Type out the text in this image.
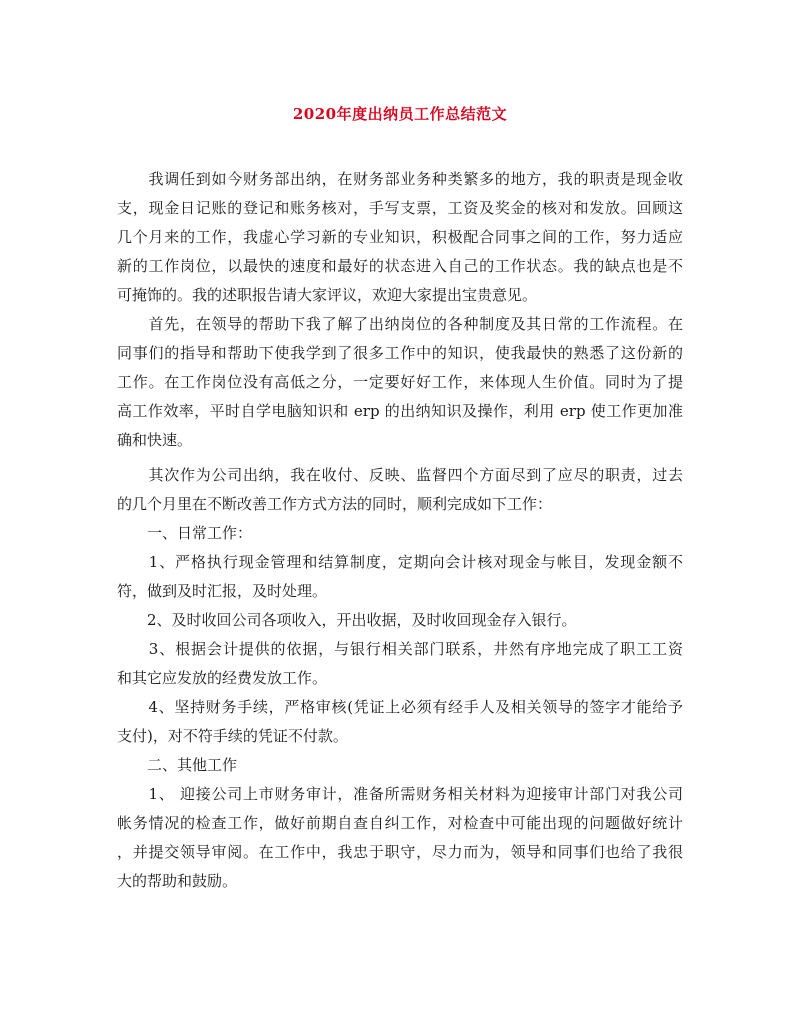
2020年度出纳员工作总结范文
　　我调任到如今财务部出纳，在财务部业务种类繁多的地方，我的职责是现金收
支，现金日记账的登记和账务核对，手写支票，工资及奖金的核对和发放。回顾这
几个月来的工作，我虚心学习新的专业知识，积极配合同事之间的工作，努力适应
新的工作岗位，以最快的速度和最好的状态进入自己的工作状态。我的缺点也是不
可掩饰的。我的述职报告请大家评议，欢迎大家提出宝贵意见。
　　首先，在领导的帮助下我了解了出纳岗位的各种制度及其日常的工作流程。在
同事们的指导和帮助下使我学到了很多工作中的知识，使我最快的熟悉了这份新的
工作。在工作岗位没有高低之分，一定要好好工作，来体现人生价值。同时为了提
高工作效率，平时自学电脑知识和 erp 的出纳知识及操作，利用 erp 使工作更加准
确和快速。
　　其次作为公司出纳，我在收付、反映、监督四个方面尽到了应尽的职责，过去
的几个月里在不断改善工作方式方法的同时，顺利完成如下工作：
　　一、日常工作：
　　1、严格执行现金管理和结算制度，定期向会计核对现金与帐目，发现金额不
符，做到及时汇报，及时处理。
　　2、及时收回公司各项收入，开出收据，及时收回现金存入银行。
　　3、根据会计提供的依据，与银行相关部门联系，井然有序地完成了职工工资
和其它应发放的经费发放工作。
　　4、坚持财务手续，严格审核(凭证上必须有经手人及相关领导的签字才能给予
支付)，对不符手续的凭证不付款。
　　二、其他工作
　　1、 迎接公司上市财务审计，准备所需财务相关材料为迎接审计部门对我公司
帐务情况的检查工作，做好前期自查自纠工作，对检查中可能出现的问题做好统计
，并提交领导审阅。在工作中，我忠于职守，尽力而为，领导和同事们也给了我很
大的帮助和鼓励。
